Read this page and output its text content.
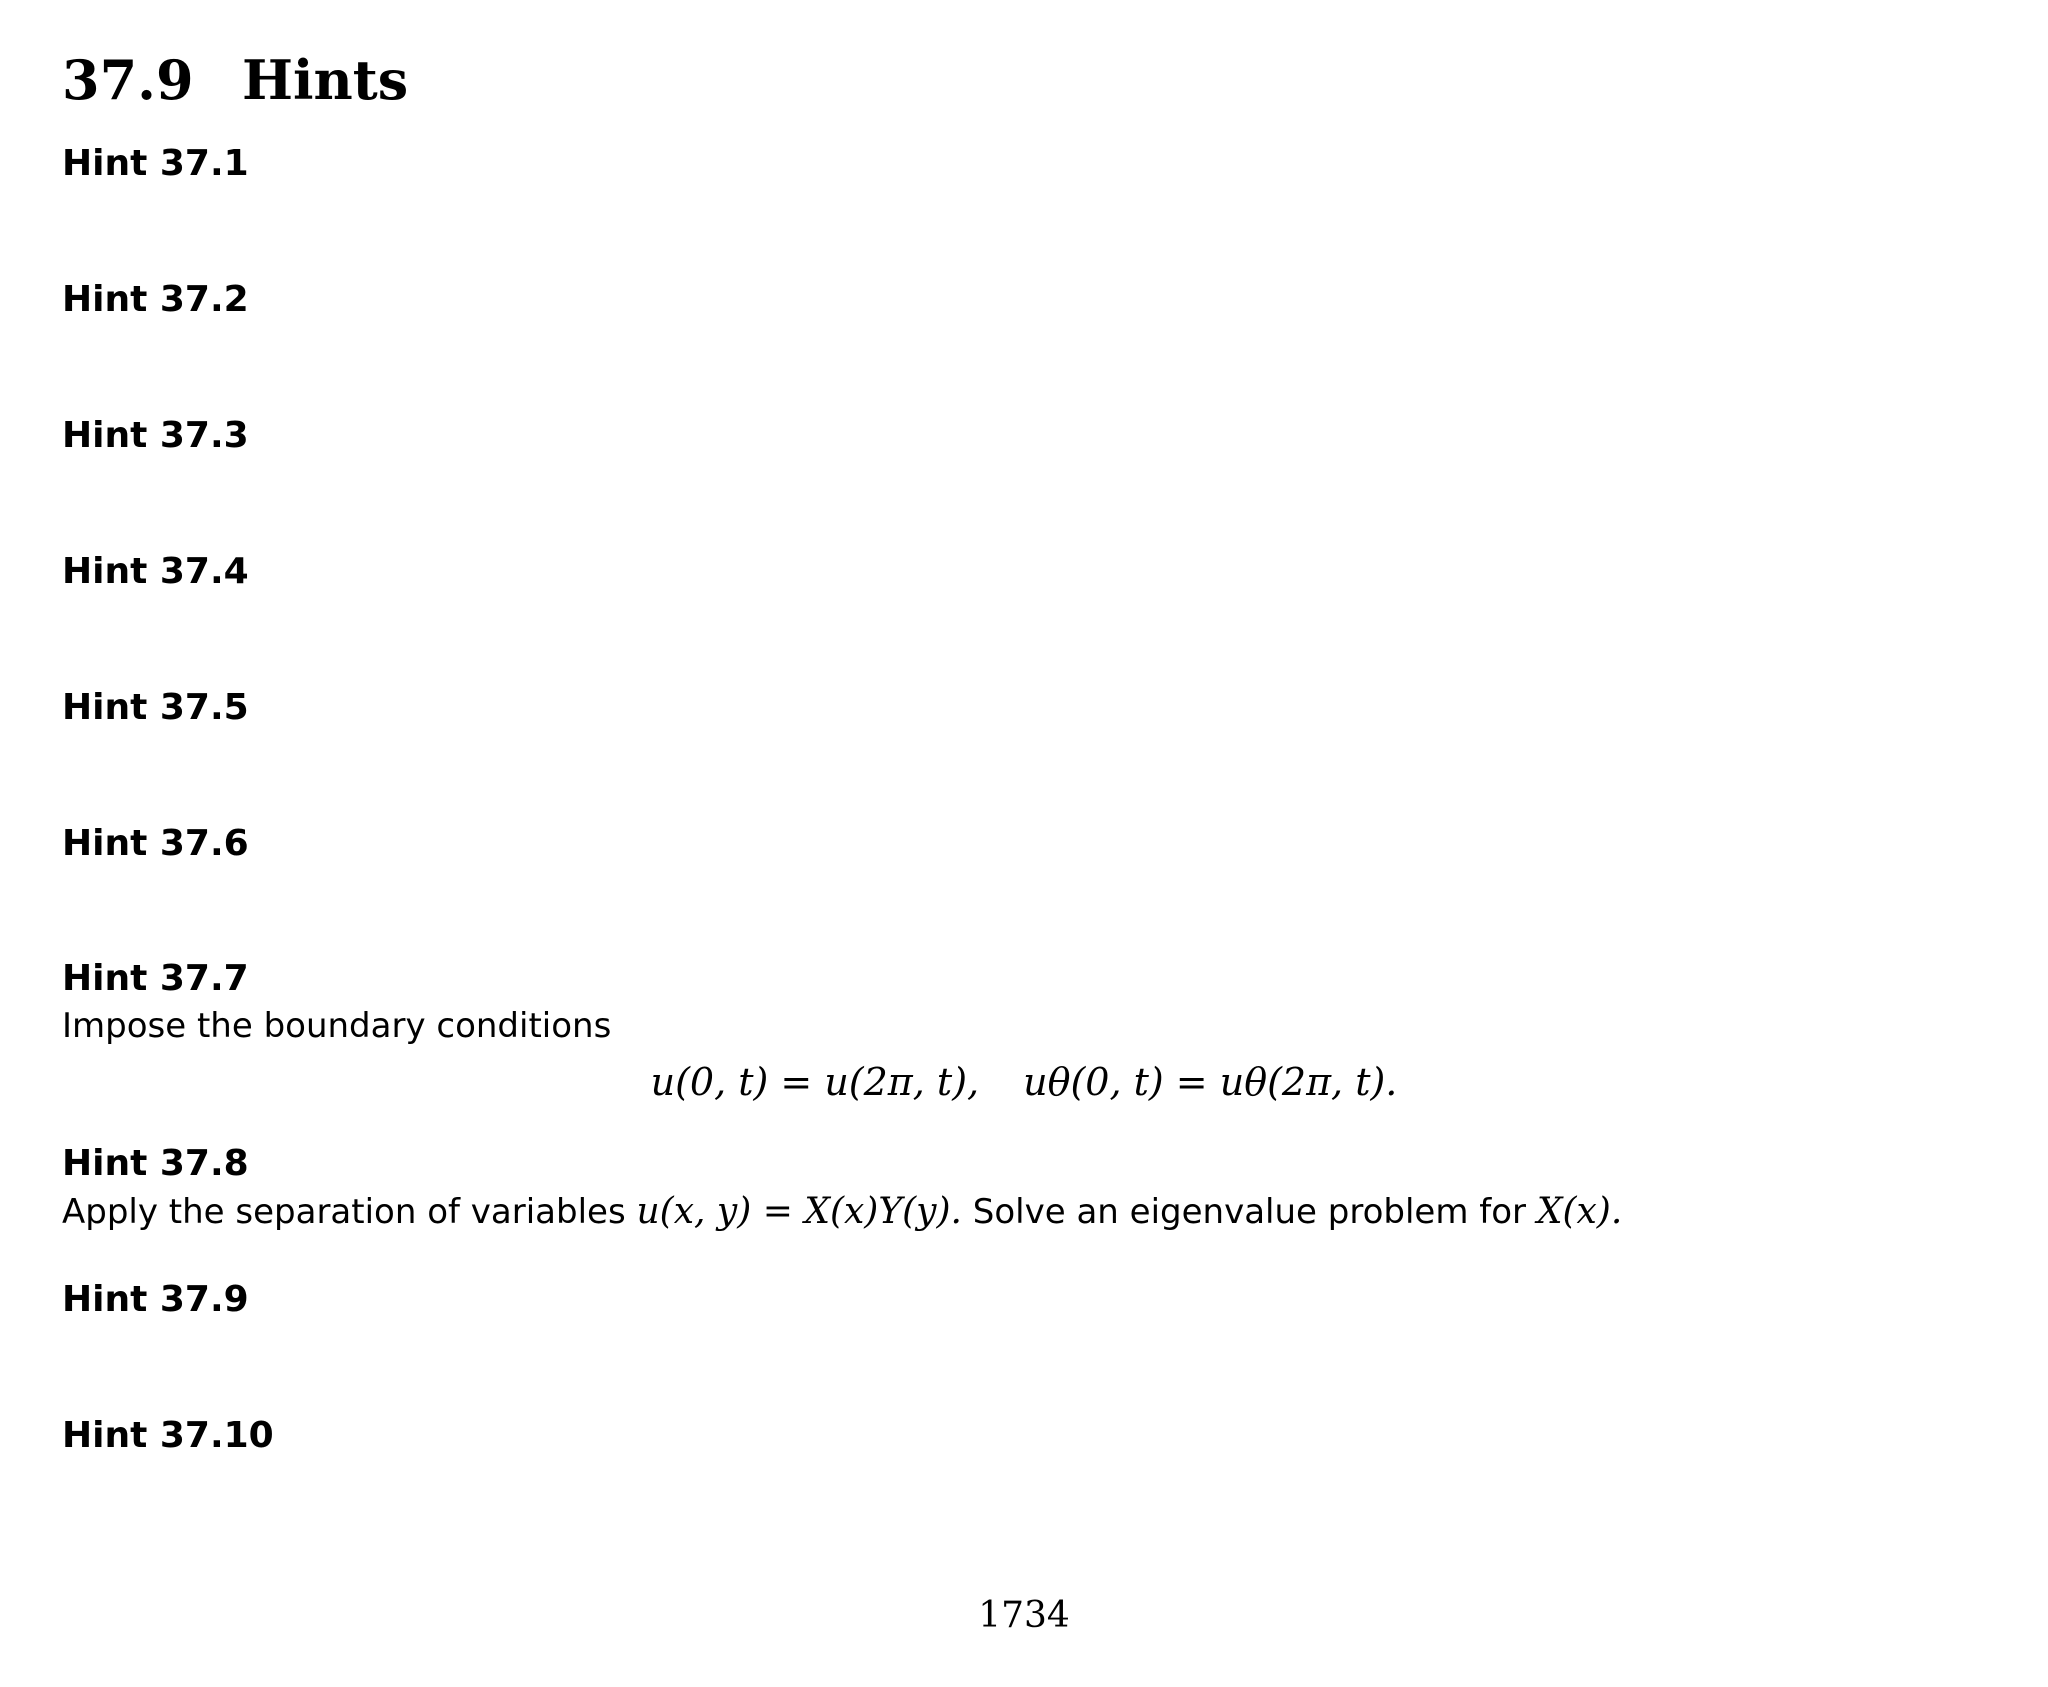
37.9 Hints
Hint 37.1
Hint 37.2
Hint 37.3
Hint 37.4
Hint 37.5
Hint 37.6
Hint 37.7
Impose the boundary conditions
u(0, t) = u(2π, t), uθ(0, t) = uθ(2π, t).
Hint 37.8
Apply the separation of variables u(x, y) = X(x)Y(y). Solve an eigenvalue problem for X(x).
Hint 37.9
Hint 37.10
1734
